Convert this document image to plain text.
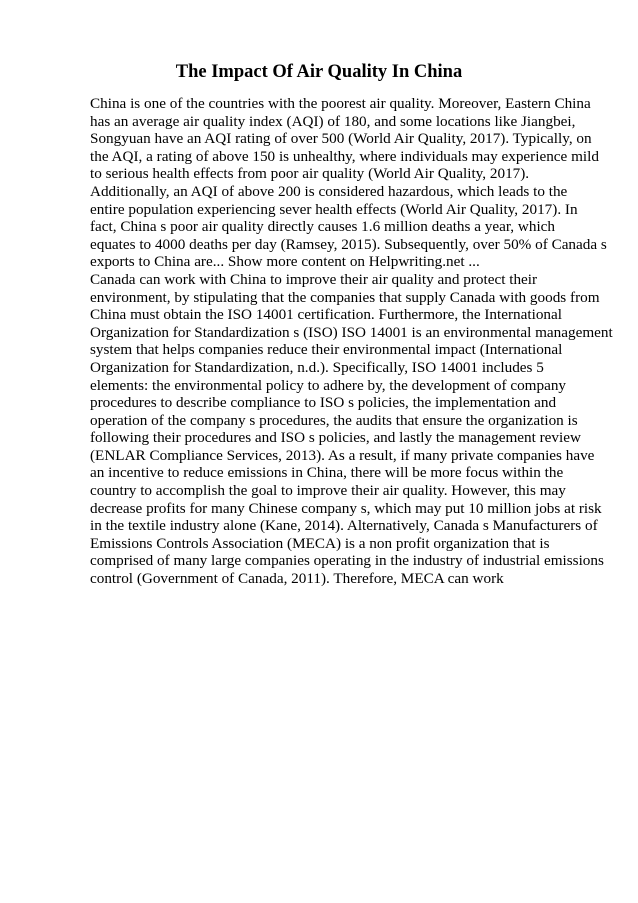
The Impact Of Air Quality In China
China is one of the countries with the poorest air quality. Moreover, Eastern China
has an average air quality index (AQI) of 180, and some locations like Jiangbei,
Songyuan have an AQI rating of over 500 (World Air Quality, 2017). Typically, on
the AQI, a rating of above 150 is unhealthy, where individuals may experience mild
to serious health effects from poor air quality (World Air Quality, 2017).
Additionally, an AQI of above 200 is considered hazardous, which leads to the
entire population experiencing sever health effects (World Air Quality, 2017). In
fact, China s poor air quality directly causes 1.6 million deaths a year, which
equates to 4000 deaths per day (Ramsey, 2015). Subsequently, over 50% of Canada s
exports to China are... Show more content on Helpwriting.net ...
Canada can work with China to improve their air quality and protect their
environment, by stipulating that the companies that supply Canada with goods from
China must obtain the ISO 14001 certification. Furthermore, the International
Organization for Standardization s (ISO) ISO 14001 is an environmental management
system that helps companies reduce their environmental impact (International
Organization for Standardization, n.d.). Specifically, ISO 14001 includes 5
elements: the environmental policy to adhere by, the development of company
procedures to describe compliance to ISO s policies, the implementation and
operation of the company s procedures, the audits that ensure the organization is
following their procedures and ISO s policies, and lastly the management review
(ENLAR Compliance Services, 2013). As a result, if many private companies have
an incentive to reduce emissions in China, there will be more focus within the
country to accomplish the goal to improve their air quality. However, this may
decrease profits for many Chinese company s, which may put 10 million jobs at risk
in the textile industry alone (Kane, 2014). Alternatively, Canada s Manufacturers of
Emissions Controls Association (MECA) is a non profit organization that is
comprised of many large companies operating in the industry of industrial emissions
control (Government of Canada, 2011). Therefore, MECA can work
